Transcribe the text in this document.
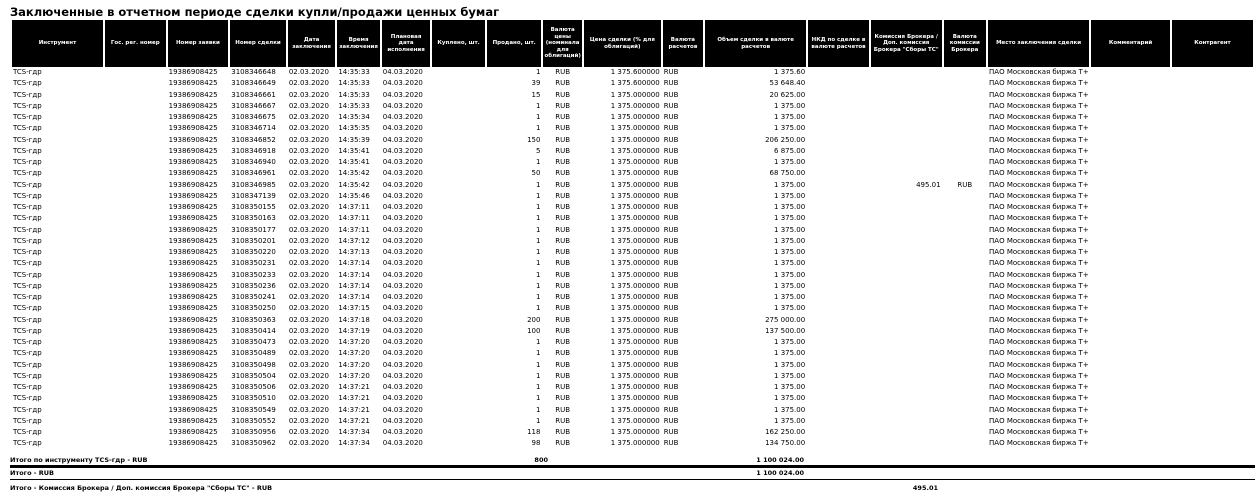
Заключенные в отчетном периоде сделки купли/продажи ценных бумаг
Инструмент	Гос. рег. номер	Номер заявки	Номер сделки	Дата заключения	Время заключения	Плановая дата исполнения	Куплено, шт.	Продано, шт.	Валюта цены (номинала для облигаций)	Цена сделки (% для облигаций)	Валюта расчетов	Объем сделки в валюте расчетов	НКД по сделке в валюте расчетов	Комиссия Брокера / Доп. комиссия Брокера "Сборы ТС"	Валюта комиссии Брокера	Место заключения сделки	Комментарий	Контрагент
TCS-гдр		19386908425	3108346648	02.03.2020	14:35:33	04.03.2020		1	RUB	1 375.600000	RUB	1 375.60				ПАО Московская биржа Т+		
TCS-гдр		19386908425	3108346649	02.03.2020	14:35:33	04.03.2020		39	RUB	1 375.600000	RUB	53 648.40				ПАО Московская биржа Т+		
TCS-гдр		19386908425	3108346661	02.03.2020	14:35:33	04.03.2020		15	RUB	1 375.000000	RUB	20 625.00				ПАО Московская биржа Т+		
TCS-гдр		19386908425	3108346667	02.03.2020	14:35:33	04.03.2020		1	RUB	1 375.000000	RUB	1 375.00				ПАО Московская биржа Т+		
TCS-гдр		19386908425	3108346675	02.03.2020	14:35:34	04.03.2020		1	RUB	1 375.000000	RUB	1 375.00				ПАО Московская биржа Т+		
TCS-гдр		19386908425	3108346714	02.03.2020	14:35:35	04.03.2020		1	RUB	1 375.000000	RUB	1 375.00				ПАО Московская биржа Т+		
TCS-гдр		19386908425	3108346852	02.03.2020	14:35:39	04.03.2020		150	RUB	1 375.000000	RUB	206 250.00				ПАО Московская биржа Т+		
TCS-гдр		19386908425	3108346918	02.03.2020	14:35:41	04.03.2020		5	RUB	1 375.000000	RUB	6 875.00				ПАО Московская биржа Т+		
TCS-гдр		19386908425	3108346940	02.03.2020	14:35:41	04.03.2020		1	RUB	1 375.000000	RUB	1 375.00				ПАО Московская биржа Т+		
TCS-гдр		19386908425	3108346961	02.03.2020	14:35:42	04.03.2020		50	RUB	1 375.000000	RUB	68 750.00				ПАО Московская биржа Т+		
TCS-гдр		19386908425	3108346985	02.03.2020	14:35:42	04.03.2020		1	RUB	1 375.000000	RUB	1 375.00		495.01	RUB	ПАО Московская биржа Т+		
TCS-гдр		19386908425	3108347139	02.03.2020	14:35:46	04.03.2020		1	RUB	1 375.000000	RUB	1 375.00				ПАО Московская биржа Т+		
TCS-гдр		19386908425	3108350155	02.03.2020	14:37:11	04.03.2020		1	RUB	1 375.000000	RUB	1 375.00				ПАО Московская биржа Т+		
TCS-гдр		19386908425	3108350163	02.03.2020	14:37:11	04.03.2020		1	RUB	1 375.000000	RUB	1 375.00				ПАО Московская биржа Т+		
TCS-гдр		19386908425	3108350177	02.03.2020	14:37:11	04.03.2020		1	RUB	1 375.000000	RUB	1 375.00				ПАО Московская биржа Т+		
TCS-гдр		19386908425	3108350201	02.03.2020	14:37:12	04.03.2020		1	RUB	1 375.000000	RUB	1 375.00				ПАО Московская биржа Т+		
TCS-гдр		19386908425	3108350220	02.03.2020	14:37:13	04.03.2020		1	RUB	1 375.000000	RUB	1 375.00				ПАО Московская биржа Т+		
TCS-гдр		19386908425	3108350231	02.03.2020	14:37:14	04.03.2020		1	RUB	1 375.000000	RUB	1 375.00				ПАО Московская биржа Т+		
TCS-гдр		19386908425	3108350233	02.03.2020	14:37:14	04.03.2020		1	RUB	1 375.000000	RUB	1 375.00				ПАО Московская биржа Т+		
TCS-гдр		19386908425	3108350236	02.03.2020	14:37:14	04.03.2020		1	RUB	1 375.000000	RUB	1 375.00				ПАО Московская биржа Т+		
TCS-гдр		19386908425	3108350241	02.03.2020	14:37:14	04.03.2020		1	RUB	1 375.000000	RUB	1 375.00				ПАО Московская биржа Т+		
TCS-гдр		19386908425	3108350250	02.03.2020	14:37:15	04.03.2020		1	RUB	1 375.000000	RUB	1 375.00				ПАО Московская биржа Т+		
TCS-гдр		19386908425	3108350363	02.03.2020	14:37:18	04.03.2020		200	RUB	1 375.000000	RUB	275 000.00				ПАО Московская биржа Т+		
TCS-гдр		19386908425	3108350414	02.03.2020	14:37:19	04.03.2020		100	RUB	1 375.000000	RUB	137 500.00				ПАО Московская биржа Т+		
TCS-гдр		19386908425	3108350473	02.03.2020	14:37:20	04.03.2020		1	RUB	1 375.000000	RUB	1 375.00				ПАО Московская биржа Т+		
TCS-гдр		19386908425	3108350489	02.03.2020	14:37:20	04.03.2020		1	RUB	1 375.000000	RUB	1 375.00				ПАО Московская биржа Т+		
TCS-гдр		19386908425	3108350498	02.03.2020	14:37:20	04.03.2020		1	RUB	1 375.000000	RUB	1 375.00				ПАО Московская биржа Т+		
TCS-гдр		19386908425	3108350504	02.03.2020	14:37:20	04.03.2020		1	RUB	1 375.000000	RUB	1 375.00				ПАО Московская биржа Т+		
TCS-гдр		19386908425	3108350506	02.03.2020	14:37:21	04.03.2020		1	RUB	1 375.000000	RUB	1 375.00				ПАО Московская биржа Т+		
TCS-гдр		19386908425	3108350510	02.03.2020	14:37:21	04.03.2020		1	RUB	1 375.000000	RUB	1 375.00				ПАО Московская биржа Т+		
TCS-гдр		19386908425	3108350549	02.03.2020	14:37:21	04.03.2020		1	RUB	1 375.000000	RUB	1 375.00				ПАО Московская биржа Т+		
TCS-гдр		19386908425	3108350552	02.03.2020	14:37:21	04.03.2020		1	RUB	1 375.000000	RUB	1 375.00				ПАО Московская биржа Т+		
TCS-гдр		19386908425	3108350956	02.03.2020	14:37:34	04.03.2020		118	RUB	1 375.000000	RUB	162 250.00				ПАО Московская биржа Т+		
TCS-гдр		19386908425	3108350962	02.03.2020	14:37:34	04.03.2020		98	RUB	1 375.000000	RUB	134 750.00				ПАО Московская биржа Т+		
Итого по инструменту TCS-гдр - RUB	800	1 100 024.00
Итого - RUB	1 100 024.00
Итого - Комиссия Брокера / Доп. комиссия Брокера "Сборы ТС" - RUB	495.01
